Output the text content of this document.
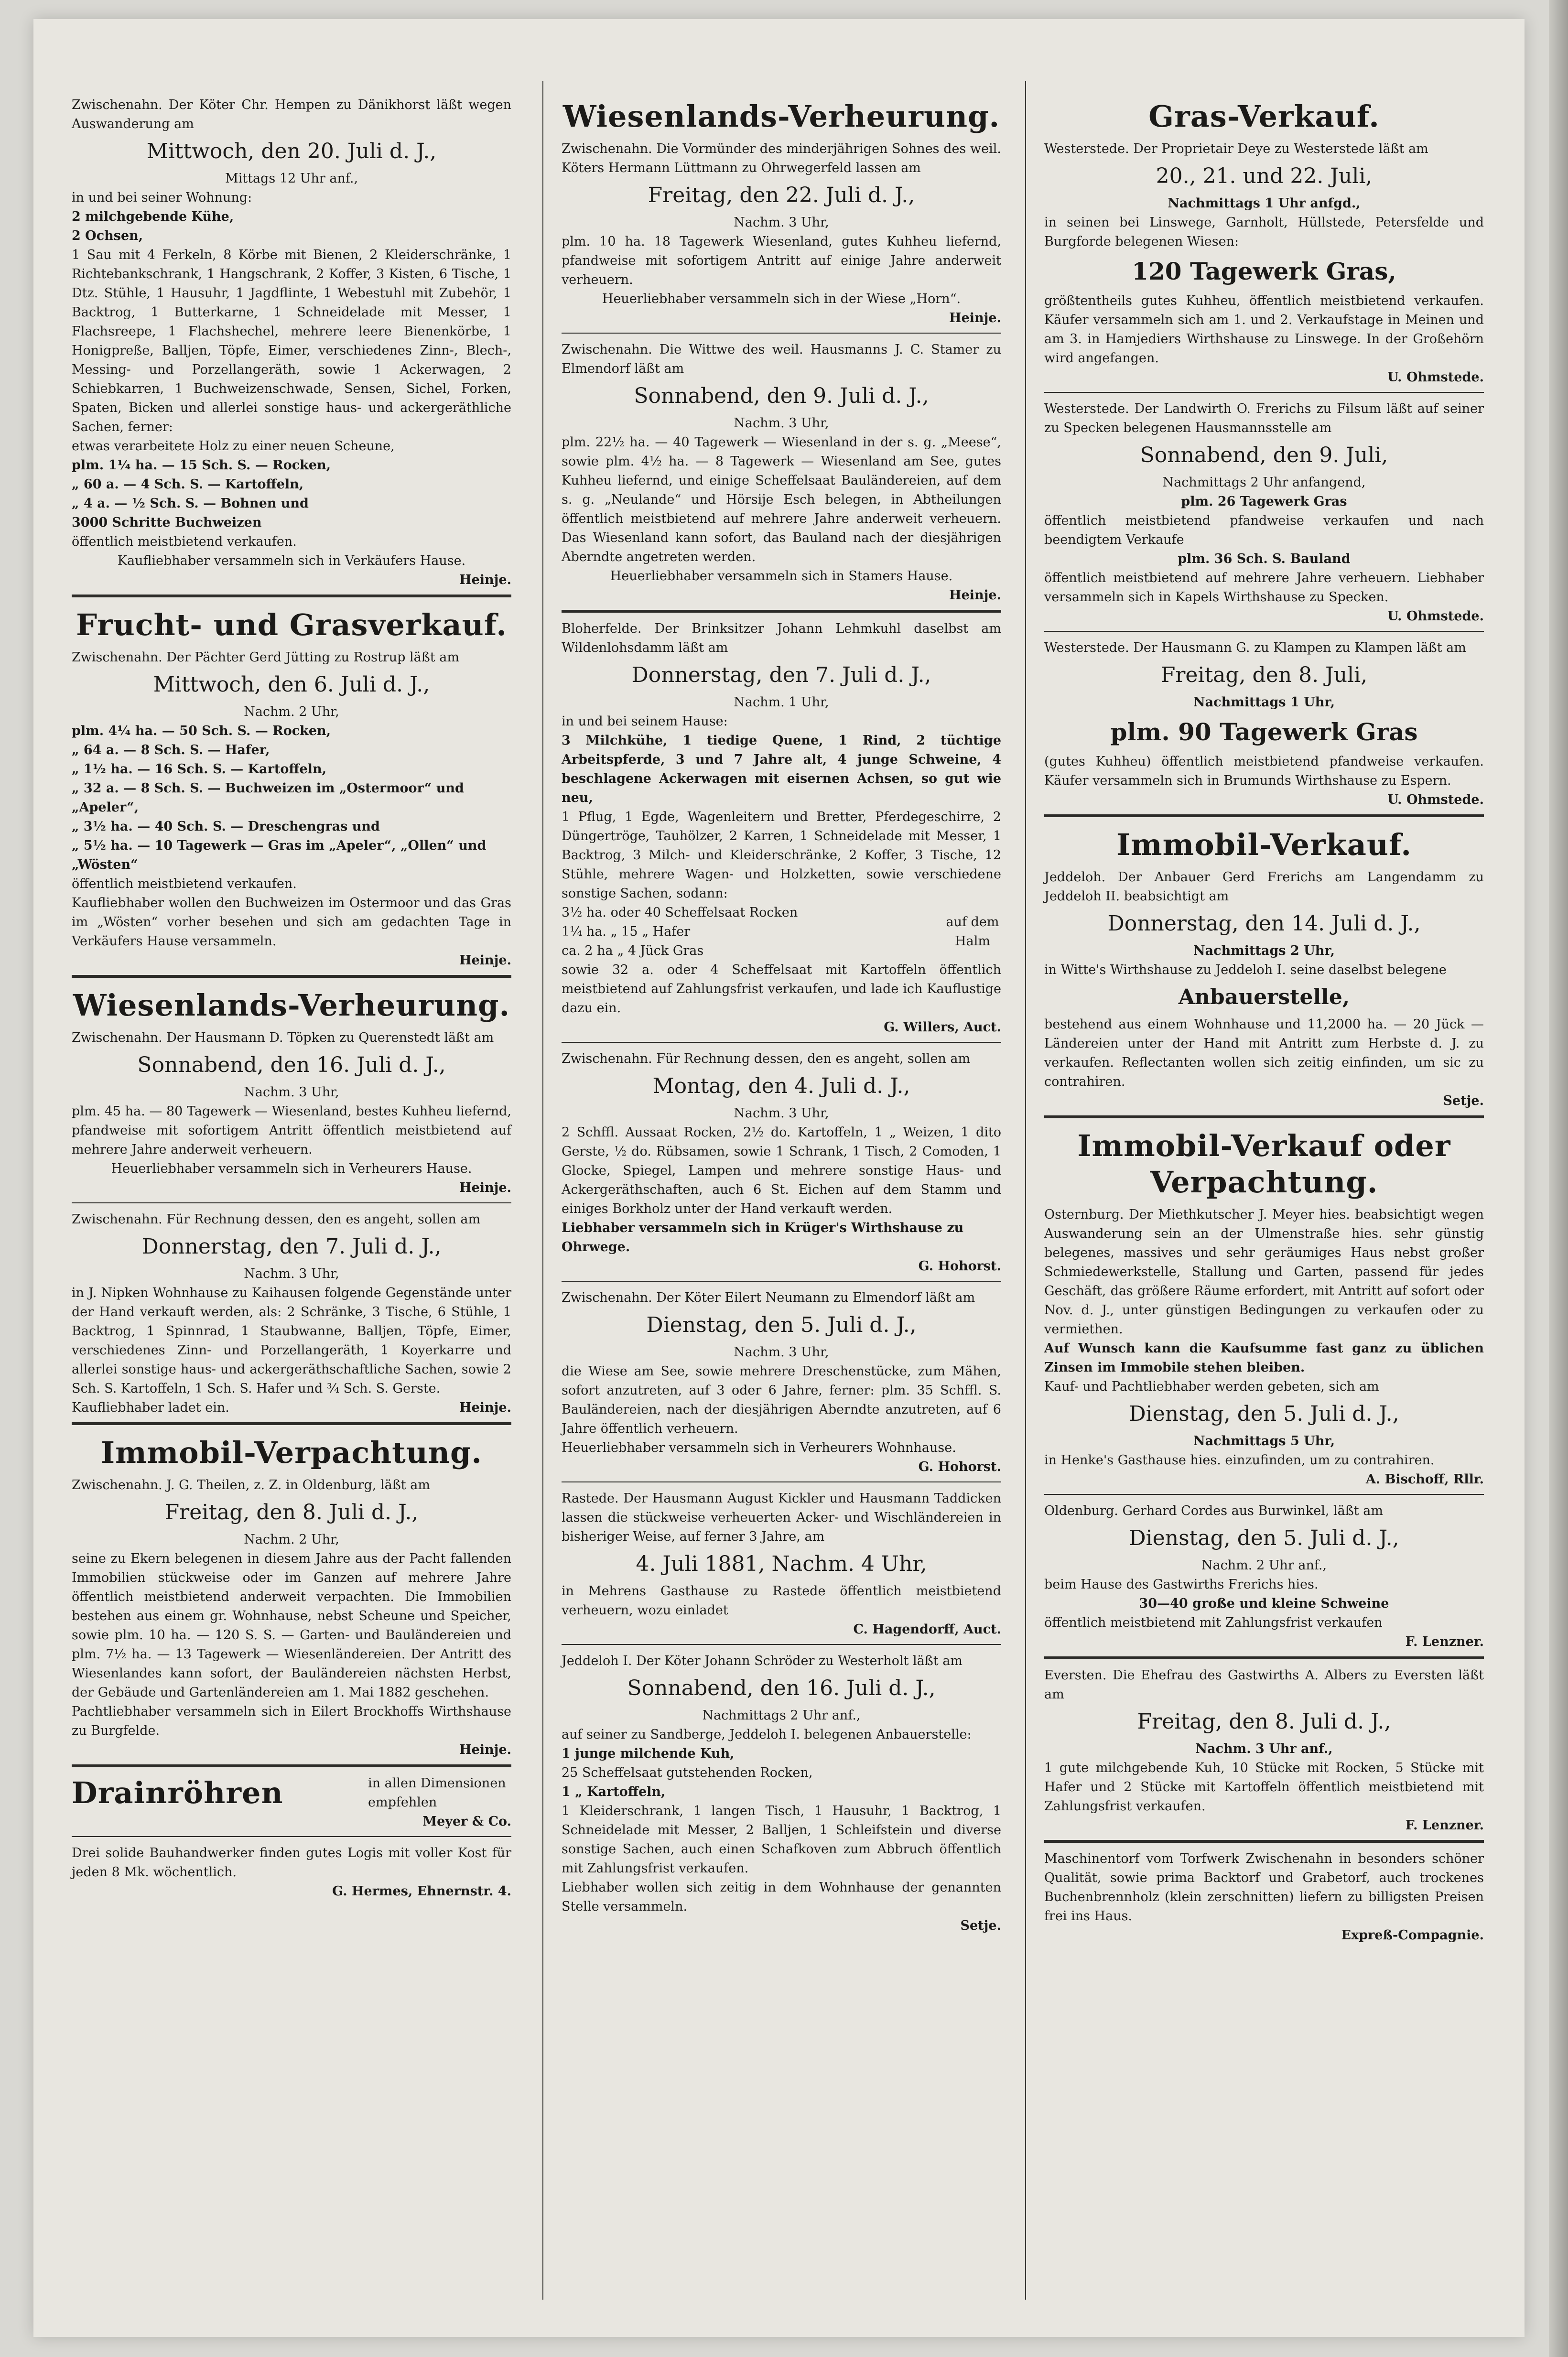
Zwischenahn. Der Köter Chr. Hempen zu Dänikhorst läßt wegen Auswanderung am

Mittwoch, den 20. Juli d. J.,

Mittags 12 Uhr anf.,

in und bei seiner Wohnung:

2 milchgebende Kühe,

2 Ochsen,

1 Sau mit 4 Ferkeln, 8 Körbe mit Bienen, 2 Kleiderschränke, 1 Richtebankschrank, 1 Hangschrank, 2 Koffer, 3 Kisten, 6 Tische, 1 Dtz. Stühle, 1 Hausuhr, 1 Jagdflinte, 1 Webestuhl mit Zubehör, 1 Backtrog, 1 Butterkarne, 1 Schneidelade mit Messer, 1 Flachsreepe, 1 Flachshechel, mehrere leere Bienenkörbe, 1 Honigpreße, Balljen, Töpfe, Eimer, verschiedenes Zinn-, Blech-, Messing- und Porzellangeräth, sowie 1 Ackerwagen, 2 Schiebkarren, 1 Buchweizenschwade, Sensen, Sichel, Forken, Spaten, Bicken und allerlei sonstige haus- und ackergeräthliche Sachen, ferner:

etwas verarbeitete Holz zu einer neuen Scheune,

plm. 1¼ ha. — 15 Sch. S. — Rocken,

„ 60 a. — 4 Sch. S. — Kartoffeln,

„ 4 a. — ½ Sch. S. — Bohnen und

3000 Schritte Buchweizen

öffentlich meistbietend verkaufen.

Kaufliebhaber versammeln sich in Verkäufers Hause.

Heinje.

Frucht- und Grasverkauf.

Zwischenahn. Der Pächter Gerd Jütting zu Rostrup läßt am

Mittwoch, den 6. Juli d. J.,

Nachm. 2 Uhr,

plm. 4¼ ha. — 50 Sch. S. — Rocken,

„ 64 a. — 8 Sch. S. — Hafer,

„ 1½ ha. — 16 Sch. S. — Kartoffeln,

„ 32 a. — 8 Sch. S. — Buchweizen im „Ostermoor“ und „Apeler“,

„ 3½ ha. — 40 Sch. S. — Dreschengras und

„ 5½ ha. — 10 Tagewerk — Gras im „Apeler“, „Ollen“ und „Wösten“

öffentlich meistbietend verkaufen.

Kaufliebhaber wollen den Buchweizen im Ostermoor und das Gras im „Wösten“ vorher besehen und sich am gedachten Tage in Verkäufers Hause versammeln.

Heinje.

Wiesenlands-Verheurung.

Zwischenahn. Der Hausmann D. Töpken zu Querenstedt läßt am

Sonnabend, den 16. Juli d. J.,

Nachm. 3 Uhr,

plm. 45 ha. — 80 Tagewerk — Wiesenland, bestes Kuhheu liefernd, pfandweise mit sofortigem Antritt öffentlich meistbietend auf mehrere Jahre anderweit verheuern.

Heuerliebhaber versammeln sich in Verheurers Hause.

Heinje.

Zwischenahn. Für Rechnung dessen, den es angeht, sollen am

Donnerstag, den 7. Juli d. J.,

Nachm. 3 Uhr,

in J. Nipken Wohnhause zu Kaihausen folgende Gegenstände unter der Hand verkauft werden, als: 2 Schränke, 3 Tische, 6 Stühle, 1 Backtrog, 1 Spinnrad, 1 Staubwanne, Balljen, Töpfe, Eimer, verschiedenes Zinn- und Porzellangeräth, 1 Koyerkarre und allerlei sonstige haus- und ackergeräthschaftliche Sachen, sowie 2 Sch. S. Kartoffeln, 1 Sch. S. Hafer und ¾ Sch. S. Gerste.

Kaufliebhaber ladet ein.	Heinje.

Immobil-Verpachtung.

Zwischenahn. J. G. Theilen, z. Z. in Oldenburg, läßt am

Freitag, den 8. Juli d. J.,

Nachm. 2 Uhr,

seine zu Ekern belegenen in diesem Jahre aus der Pacht fallenden Immobilien stückweise oder im Ganzen auf mehrere Jahre öffentlich meistbietend anderweit verpachten. Die Immobilien bestehen aus einem gr. Wohnhause, nebst Scheune und Speicher, sowie plm. 10 ha. — 120 S. S. — Garten- und Bauländereien und plm. 7½ ha. — 13 Tagewerk — Wiesenländereien. Der Antritt des Wiesenlandes kann sofort, der Bauländereien nächsten Herbst, der Gebäude und Gartenländereien am 1. Mai 1882 geschehen.

Pachtliebhaber versammeln sich in Eilert Brockhoffs Wirthshause zu Burgfelde.

Heinje.

Drainröhren	in allen Dimensionen empfehlen

Meyer & Co.

Drei solide Bauhandwerker finden gutes Logis mit voller Kost für jeden 8 Mk. wöchentlich.

G. Hermes, Ehnernstr. 4.

Wiesenlands-Verheurung.

Zwischenahn. Die Vormünder des minderjährigen Sohnes des weil. Köters Hermann Lüttmann zu Ohrwegerfeld lassen am

Freitag, den 22. Juli d. J.,

Nachm. 3 Uhr,

plm. 10 ha. 18 Tagewerk Wiesenland, gutes Kuhheu liefernd, pfandweise mit sofortigem Antritt auf einige Jahre anderweit verheuern.

Heuerliebhaber versammeln sich in der Wiese „Horn“.

Heinje.

Zwischenahn. Die Wittwe des weil. Hausmanns J. C. Stamer zu Elmendorf läßt am

Sonnabend, den 9. Juli d. J.,

Nachm. 3 Uhr,

plm. 22½ ha. — 40 Tagewerk — Wiesenland in der s. g. „Meese“, sowie plm. 4½ ha. — 8 Tagewerk — Wiesenland am See, gutes Kuhheu liefernd, und einige Scheffelsaat Bauländereien, auf dem s. g. „Neulande“ und Hörsije Esch belegen, in Abtheilungen öffentlich meistbietend auf mehrere Jahre anderweit verheuern. Das Wiesenland kann sofort, das Bauland nach der diesjährigen Aberndte angetreten werden.

Heuerliebhaber versammeln sich in Stamers Hause.

Heinje.

Bloherfelde. Der Brinksitzer Johann Lehmkuhl daselbst am Wildenlohsdamm läßt am

Donnerstag, den 7. Juli d. J.,

Nachm. 1 Uhr,

in und bei seinem Hause:

3 Milchkühe, 1 tiedige Quene, 1 Rind, 2 tüchtige Arbeitspferde, 3 und 7 Jahre alt, 4 junge Schweine, 4 beschlagene Ackerwagen mit eisernen Achsen, so gut wie neu,

1 Pflug, 1 Egde, Wagenleitern und Bretter, Pferdegeschirre, 2 Düngertröge, Tauhölzer, 2 Karren, 1 Schneidelade mit Messer, 1 Backtrog, 3 Milch- und Kleiderschränke, 2 Koffer, 3 Tische, 12 Stühle, mehrere Wagen- und Holzketten, sowie verschiedene sonstige Sachen, sodann:

3½ ha. oder 40 Scheffelsaat Rocken

1¼ ha. „ 15 „ Hafer

ca. 2 ha „ 4 Jück Gras

auf dem Halm

sowie 32 a. oder 4 Scheffelsaat mit Kartoffeln öffentlich meistbietend auf Zahlungsfrist verkaufen, und lade ich Kauflustige dazu ein.

G. Willers, Auct.

Zwischenahn. Für Rechnung dessen, den es angeht, sollen am

Montag, den 4. Juli d. J.,

Nachm. 3 Uhr,

2 Schffl. Aussaat Rocken, 2½ do. Kartoffeln, 1 „ Weizen, 1 dito Gerste, ½ do. Rübsamen, sowie 1 Schrank, 1 Tisch, 2 Comoden, 1 Glocke, Spiegel, Lampen und mehrere sonstige Haus- und Ackergeräthschaften, auch 6 St. Eichen auf dem Stamm und einiges Borkholz unter der Hand verkauft werden.

Liebhaber versammeln sich in Krüger's Wirthshause zu Ohrwege.

G. Hohorst.

Zwischenahn. Der Köter Eilert Neumann zu Elmendorf läßt am

Dienstag, den 5. Juli d. J.,

Nachm. 3 Uhr,

die Wiese am See, sowie mehrere Dreschenstücke, zum Mähen, sofort anzutreten, auf 3 oder 6 Jahre, ferner: plm. 35 Schffl. S. Bauländereien, nach der diesjährigen Aberndte anzutreten, auf 6 Jahre öffentlich verheuern.

Heuerliebhaber versammeln sich in Verheurers Wohnhause.

G. Hohorst.

Rastede. Der Hausmann August Kickler und Hausmann Taddicken lassen die stückweise verheuerten Acker- und Wischländereien in bisheriger Weise, auf ferner 3 Jahre, am

4. Juli 1881, Nachm. 4 Uhr,

in Mehrens Gasthause zu Rastede öffentlich meistbietend verheuern, wozu einladet

C. Hagendorff, Auct.

Jeddeloh I. Der Köter Johann Schröder zu Westerholt läßt am

Sonnabend, den 16. Juli d. J.,

Nachmittags 2 Uhr anf.,

auf seiner zu Sandberge, Jeddeloh I. belegenen Anbauerstelle:

1 junge milchende Kuh,

25 Scheffelsaat gutstehenden Rocken,

1 „ Kartoffeln,

1 Kleiderschrank, 1 langen Tisch, 1 Hausuhr, 1 Backtrog, 1 Schneidelade mit Messer, 2 Balljen, 1 Schleifstein und diverse sonstige Sachen, auch einen Schafkoven zum Abbruch öffentlich mit Zahlungsfrist verkaufen.

Liebhaber wollen sich zeitig in dem Wohnhause der genannten Stelle versammeln.

Setje.

Gras-Verkauf.

Westerstede. Der Proprietair Deye zu Westerstede läßt am

20., 21. und 22. Juli,

Nachmittags 1 Uhr anfgd.,

in seinen bei Linswege, Garnholt, Hüllstede, Petersfelde und Burgforde belegenen Wiesen:

120 Tagewerk Gras,

größtentheils gutes Kuhheu, öffentlich meistbietend verkaufen. Käufer versammeln sich am 1. und 2. Verkaufstage in Meinen und am 3. in Hamjediers Wirthshause zu Linswege. In der Großehörn wird angefangen.

U. Ohmstede.

Westerstede. Der Landwirth O. Frerichs zu Filsum läßt auf seiner zu Specken belegenen Hausmannsstelle am

Sonnabend, den 9. Juli,

Nachmittags 2 Uhr anfangend,

plm. 26 Tagewerk Gras

öffentlich meistbietend pfandweise verkaufen und nach beendigtem Verkaufe

plm. 36 Sch. S. Bauland

öffentlich meistbietend auf mehrere Jahre verheuern. Liebhaber versammeln sich in Kapels Wirthshause zu Specken.

U. Ohmstede.

Westerstede. Der Hausmann G. zu Klampen zu Klampen läßt am

Freitag, den 8. Juli,

Nachmittags 1 Uhr,

plm. 90 Tagewerk Gras

(gutes Kuhheu) öffentlich meistbietend pfandweise verkaufen. Käufer versammeln sich in Brumunds Wirthshause zu Espern.

U. Ohmstede.

Immobil-Verkauf.

Jeddeloh. Der Anbauer Gerd Frerichs am Langendamm zu Jeddeloh II. beabsichtigt am

Donnerstag, den 14. Juli d. J.,

Nachmittags 2 Uhr,

in Witte's Wirthshause zu Jeddeloh I. seine daselbst belegene

Anbauerstelle,

bestehend aus einem Wohnhause und 11,2000 ha. — 20 Jück — Ländereien unter der Hand mit Antritt zum Herbste d. J. zu verkaufen. Reflectanten wollen sich zeitig einfinden, um sic zu contrahiren.

Setje.

Immobil-Verkauf oder Verpachtung.

Osternburg. Der Miethkutscher J. Meyer hies. beabsichtigt wegen Auswanderung sein an der Ulmenstraße hies. sehr günstig belegenes, massives und sehr geräumiges Haus nebst großer Schmiedewerkstelle, Stallung und Garten, passend für jedes Geschäft, das größere Räume erfordert, mit Antritt auf sofort oder Nov. d. J., unter günstigen Bedingungen zu verkaufen oder zu vermiethen.

Auf Wunsch kann die Kaufsumme fast ganz zu üblichen Zinsen im Immobile stehen bleiben.

Kauf- und Pachtliebhaber werden gebeten, sich am

Dienstag, den 5. Juli d. J.,

Nachmittags 5 Uhr,

in Henke's Gasthause hies. einzufinden, um zu contrahiren.

A. Bischoff, Rllr.

Oldenburg. Gerhard Cordes aus Burwinkel, läßt am

Dienstag, den 5. Juli d. J.,

Nachm. 2 Uhr anf.,

beim Hause des Gastwirths Frerichs hies.

30—40 große und kleine Schweine

öffentlich meistbietend mit Zahlungsfrist verkaufen

F. Lenzner.

Eversten. Die Ehefrau des Gastwirths A. Albers zu Eversten läßt am

Freitag, den 8. Juli d. J.,

Nachm. 3 Uhr anf.,

1 gute milchgebende Kuh, 10 Stücke mit Rocken, 5 Stücke mit Hafer und 2 Stücke mit Kartoffeln öffentlich meistbietend mit Zahlungsfrist verkaufen.

F. Lenzner.

Maschinentorf vom Torfwerk Zwischenahn in besonders schöner Qualität, sowie prima Backtorf und Grabetorf, auch trockenes Buchenbrennholz (klein zerschnitten) liefern zu billigsten Preisen frei ins Haus.

Expreß-Compagnie.
